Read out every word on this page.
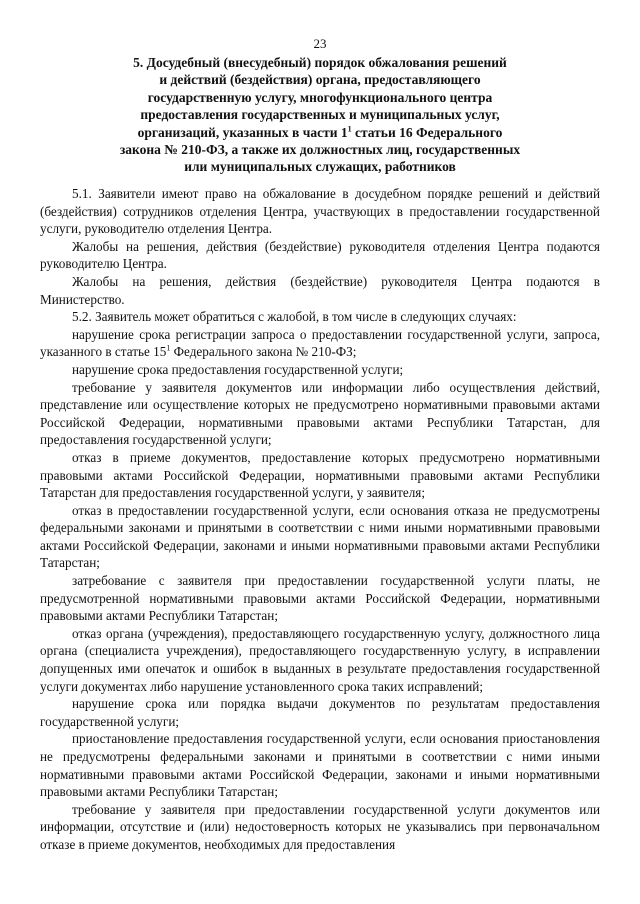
23
5. Досудебный (внесудебный) порядок обжалования решений
и действий (бездействия) органа, предоставляющего
государственную услугу, многофункционального центра
предоставления государственных и муниципальных услуг,
организаций, указанных в части $1^1$ статьи 16 Федерального
закона № 210-ФЗ, а также их должностных лиц, государственных
или муниципальных служащих, работников

5.1. Заявители имеют право на обжалование в досудебном порядке решений и действий (бездействия) сотрудников отделения Центра, участвующих в предоставлении государственной услуги, руководителю отделения Центра.

Жалобы на решения, действия (бездействие) руководителя отделения Центра подаются руководителю Центра.

Жалобы на решения, действия (бездействие) руководителя Центра подаются в Министерство.

5.2. Заявитель может обратиться с жалобой, в том числе в следующих случаях:

нарушение срока регистрации запроса о предоставлении государственной услуги, запроса, указанного в статье $15^1$ Федерального закона № 210-ФЗ;

нарушение срока предоставления государственной услуги;

требование у заявителя документов или информации либо осуществления действий, представление или осуществление которых не предусмотрено нормативными правовыми актами Российской Федерации, нормативными правовыми актами Республики Татарстан, для предоставления государственной услуги;

отказ в приеме документов, предоставление которых предусмотрено нормативными правовыми актами Российской Федерации, нормативными правовыми актами Республики Татарстан для предоставления государственной услуги, у заявителя;

отказ в предоставлении государственной услуги, если основания отказа не предусмотрены федеральными законами и принятыми в соответствии с ними иными нормативными правовыми актами Российской Федерации, законами и иными нормативными правовыми актами Республики Татарстан;

затребование с заявителя при предоставлении государственной услуги платы, не предусмотренной нормативными правовыми актами Российской Федерации, нормативными правовыми актами Республики Татарстан;

отказ органа (учреждения), предоставляющего государственную услугу, должностного лица органа (специалиста учреждения), предоставляющего государственную услугу, в исправлении допущенных ими опечаток и ошибок в выданных в результате предоставления государственной услуги документах либо нарушение установленного срока таких исправлений;

нарушение срока или порядка выдачи документов по результатам предоставления государственной услуги;

приостановление предоставления государственной услуги, если основания приостановления не предусмотрены федеральными законами и принятыми в соответствии с ними иными нормативными правовыми актами Российской Федерации, законами и иными нормативными правовыми актами Республики Татарстан;

требование у заявителя при предоставлении государственной услуги документов или информации, отсутствие и (или) недостоверность которых не указывались при первоначальном отказе в приеме документов, необходимых для предоставления
